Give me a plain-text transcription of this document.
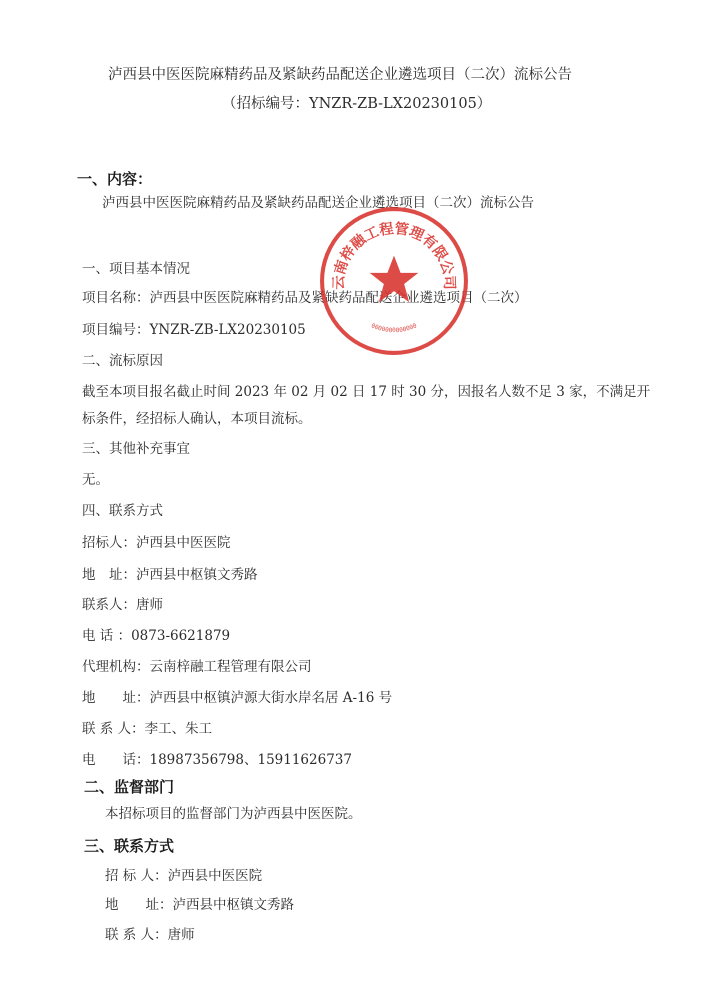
泸西县中医医院麻精药品及紧缺药品配送企业遴选项目（二次）流标公告
（招标编号：YNZR-ZB-LX20230105）
一、内容：
泸西县中医医院麻精药品及紧缺药品配送企业遴选项目（二次）流标公告
一、项目基本情况
项目名称：泸西县中医医院麻精药品及紧缺药品配送企业遴选项目（二次）
项目编号：YNZR-ZB-LX20230105
二、流标原因
截至本项目报名截止时间 2023 年 02 月 02 日 17 时 30 分，因报名人数不足 3 家，不满足开
标条件，经招标人确认，本项目流标。
三、其他补充事宜
无。
四、联系方式
招标人：泸西县中医医院
地　址：泸西县中枢镇文秀路
联系人：唐师
电 话 ：0873-6621879
代理机构：云南梓融工程管理有限公司
地　　址：泸西县中枢镇泸源大街水岸名居 A-16 号
联 系 人：李工、朱工
电　　话：18987356798、15911626737
二、监督部门
本招标项目的监督部门为泸西县中医医院。
三、联系方式
招 标 人：泸西县中医医院
地　　址：泸西县中枢镇文秀路
联 系 人：唐师
云南梓融工程管理有限公司
0000000000000
